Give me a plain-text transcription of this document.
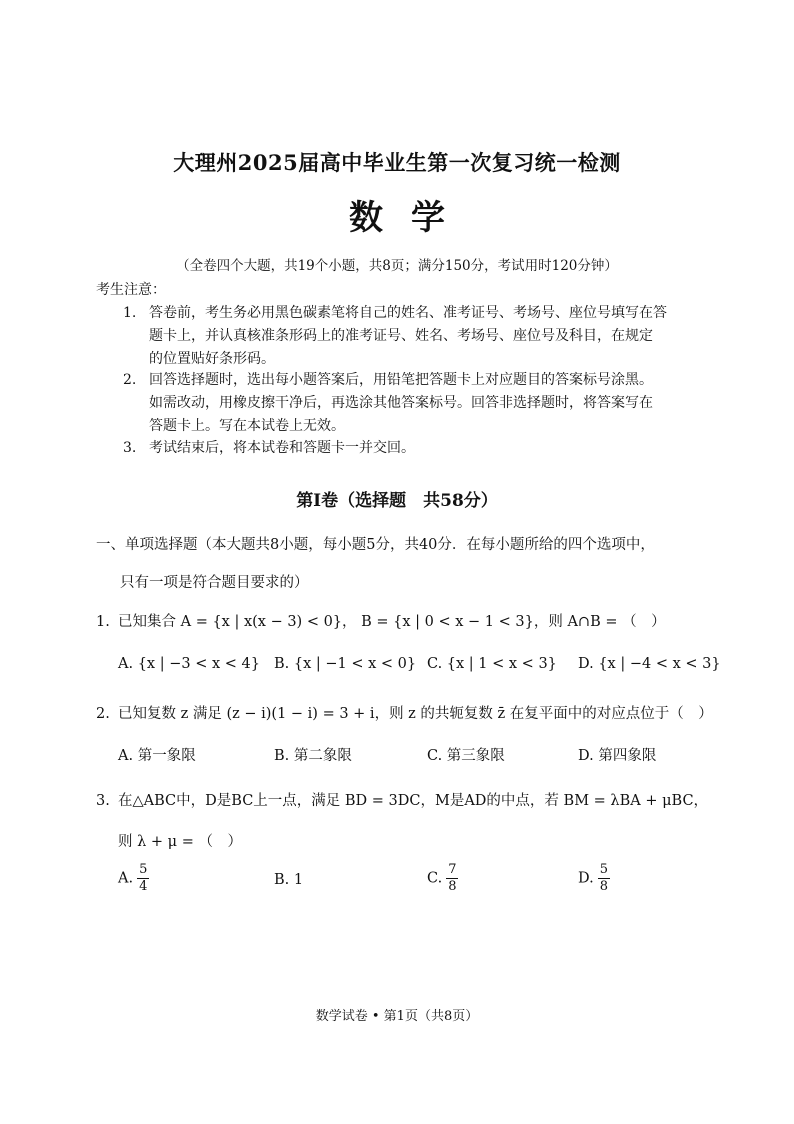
大理州2025届高中毕业生第一次复习统一检测
数学
（全卷四个大题，共19个小题，共8页；满分150分，考试用时120分钟）
考生注意：
1. 答卷前，考生务必用黑色碳素笔将自己的姓名、准考证号、考场号、座位号填写在答
题卡上，并认真核准条形码上的准考证号、姓名、考场号、座位号及科目，在规定
的位置贴好条形码。
2. 回答选择题时，选出每小题答案后，用铅笔把答题卡上对应题目的答案标号涂黑。
如需改动，用橡皮擦干净后，再选涂其他答案标号。回答非选择题时，将答案写在
答题卡上。写在本试卷上无效。
3. 考试结束后，将本试卷和答题卡一并交回。
第Ⅰ卷（选择题　共58分）
一、单项选择题（本大题共8小题，每小题5分，共40分．在每小题所给的四个选项中，
只有一项是符合题目要求的）
1. 已知集合 A = {x | x(x − 3) < 0}， B = {x | 0 < x − 1 < 3}，则 A∩B = （　）
A. {x | −3 < x < 4} B. {x | −1 < x < 0} C. {x | 1 < x < 3} D. {x | −4 < x < 3}
2. 已知复数 z 满足 (z − i)(1 − i) = 3 + i，则 z 的共轭复数 z̄ 在复平面中的对应点位于（　）
A. 第一象限	B. 第二象限	C. 第三象限	D. 第四象限
3. 在△ABC中，D是BC上一点，满足 BD = 3DC，M是AD的中点，若 BM = λBA + μBC，
则 λ + μ = （　）
A. $\frac{5}{4}$	B. 1	C. $\frac{7}{8}$	D. $\frac{5}{8}$
数学试卷 • 第1页（共8页）
